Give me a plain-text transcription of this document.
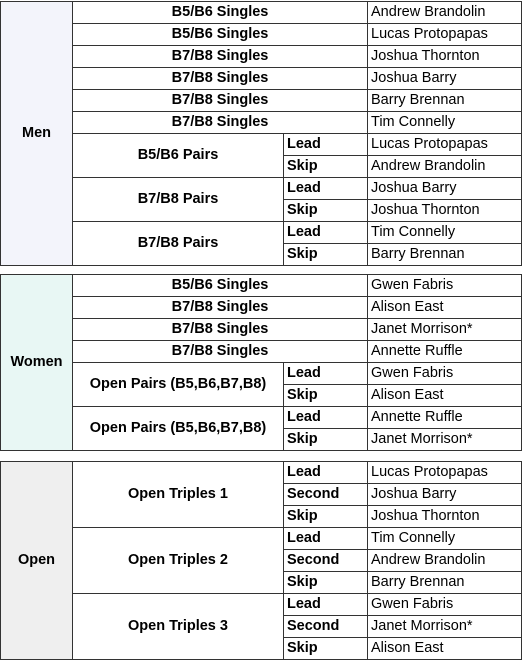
Men	B5/B6 Singles		Andrew Brandolin
	B5/B6 Singles		Lucas Protopapas
	B7/B8 Singles		Joshua Thornton
	B7/B8 Singles		Joshua Barry
	B7/B8 Singles		Barry Brennan
	B7/B8 Singles		Tim Connelly
	B5/B6 Pairs	Lead	Lucas Protopapas
		Skip	Andrew Brandolin
	B7/B8 Pairs	Lead	Joshua Barry
		Skip	Joshua Thornton
	B7/B8 Pairs	Lead	Tim Connelly
		Skip	Barry Brennan
Women	B5/B6 Singles		Gwen Fabris
	B7/B8 Singles		Alison East
	B7/B8 Singles		Janet Morrison*
	B7/B8 Singles		Annette Ruffle
	Open Pairs (B5,B6,B7,B8)	Lead	Gwen Fabris
		Skip	Alison East
	Open Pairs (B5,B6,B7,B8)	Lead	Annette Ruffle
		Skip	Janet Morrison*
Open	Open Triples 1	Lead	Lucas Protopapas
		Second	Joshua Barry
		Skip	Joshua Thornton
	Open Triples 2	Lead	Tim Connelly
		Second	Andrew Brandolin
		Skip	Barry Brennan
	Open Triples 3	Lead	Gwen Fabris
		Second	Janet Morrison*
		Skip	Alison East
